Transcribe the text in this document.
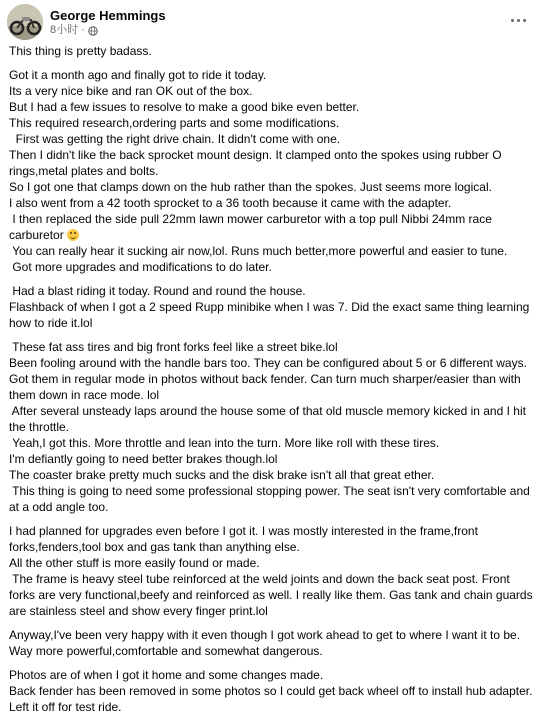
George Hemmings
8小时 ·
This thing is pretty badass.
Got it a month ago and finally got to ride it today.
Its a very nice bike and ran OK out of the box.
But I had a few issues to resolve to make a good bike even better.
This required research,ordering parts and some modifications.
First was getting the right drive chain. It didn't come with one.
Then I didn't like the back sprocket mount design. It clamped onto the spokes using rubber O
rings,metal plates and bolts.
So I got one that clamps down on the hub rather than the spokes. Just seems more logical.
I also went from a 42 tooth sprocket to a 36 tooth because it came with the adapter.
I then replaced the side pull 22mm lawn mower carburetor with a top pull Nibbi 24mm race
carburetor
You can really hear it sucking air now,lol. Runs much better,more powerful and easier to tune.
Got more upgrades and modifications to do later.
Had a blast riding it today. Round and round the house.
Flashback of when I got a 2 speed Rupp minibike when I was 7. Did the exact same thing learning
how to ride it.lol
These fat ass tires and big front forks feel like a street bike.lol
Been fooling around with the handle bars too. They can be configured about 5 or 6 different ways.
Got them in regular mode in photos without back fender. Can turn much sharper/easier than with
them down in race mode. lol
After several unsteady laps around the house some of that old muscle memory kicked in and I hit
the throttle.
Yeah,I got this. More throttle and lean into the turn. More like roll with these tires.
I'm defiantly going to need better brakes though.lol
The coaster brake pretty much sucks and the disk brake isn't all that great ether.
This thing is going to need some professional stopping power. The seat isn't very comfortable and
at a odd angle too.
I had planned for upgrades even before I got it. I was mostly interested in the frame,front
forks,fenders,tool box and gas tank than anything else.
All the other stuff is more easily found or made.
The frame is heavy steel tube reinforced at the weld joints and down the back seat post. Front
forks are very functional,beefy and reinforced as well. I really like them. Gas tank and chain guards
are stainless steel and show every finger print.lol
Anyway,I've been very happy with it even though I got work ahead to get to where I want it to be.
Way more powerful,comfortable and somewhat dangerous.
Photos are of when I got it home and some changes made.
Back fender has been removed in some photos so I could get back wheel off to install hub adapter.
Left it off for test ride.
